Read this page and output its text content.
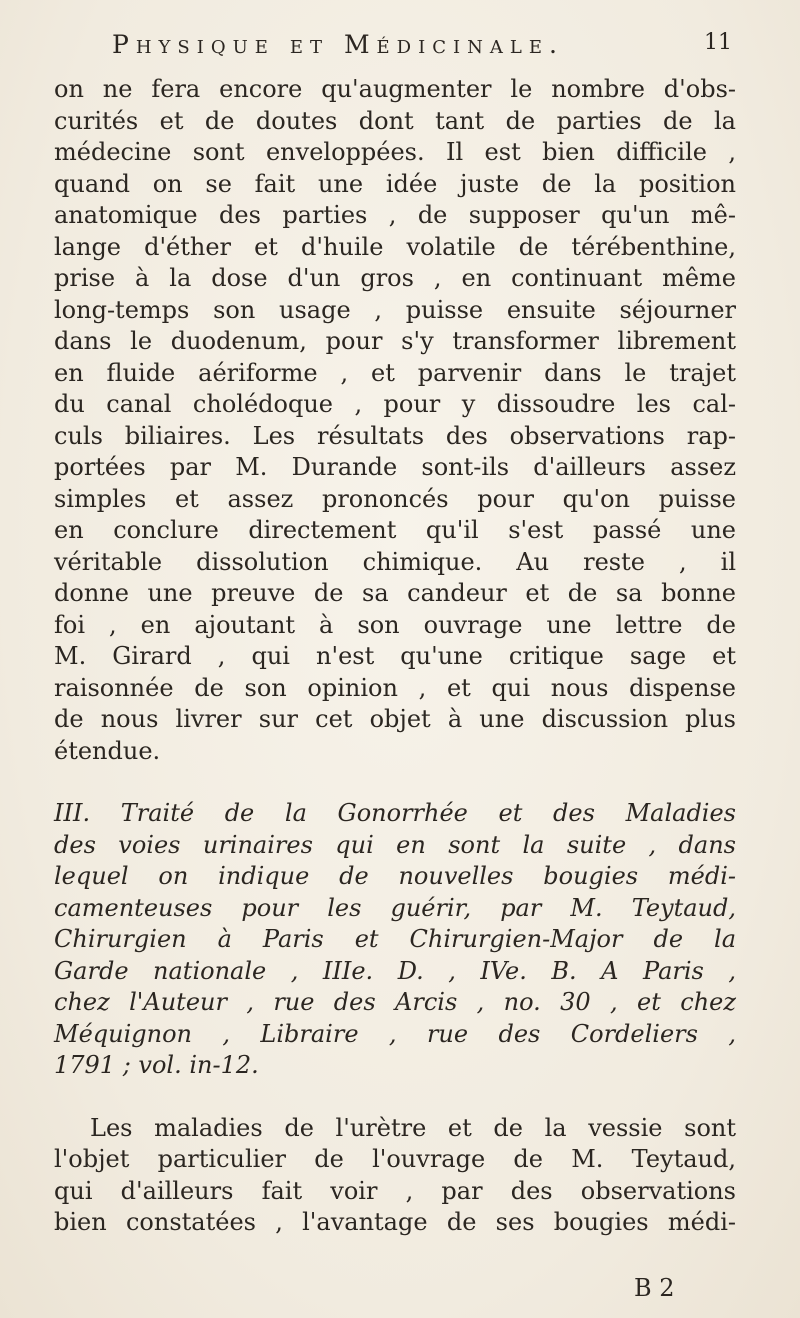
Physique et Médicinale.	11
on ne fera encore qu'augmenter le nombre d'obs-
curités et de doutes dont tant de parties de la
médecine sont enveloppées. Il est bien difficile ,
quand on se fait une idée juste de la position
anatomique des parties , de supposer qu'un mê-
lange d'éther et d'huile volatile de térébenthine,
prise à la dose d'un gros , en continuant même
long-temps son usage , puisse ensuite séjourner
dans le duodenum, pour s'y transformer librement
en fluide aériforme , et parvenir dans le trajet
du canal cholédoque , pour y dissoudre les cal-
culs biliaires. Les résultats des observations rap-
portées par M. Durande sont-ils d'ailleurs assez
simples et assez prononcés pour qu'on puisse
en conclure directement qu'il s'est passé une
véritable dissolution chimique. Au reste , il
donne une preuve de sa candeur et de sa bonne
foi , en ajoutant à son ouvrage une lettre de
M. Girard , qui n'est qu'une critique sage et
raisonnée de son opinion , et qui nous dispense
de nous livrer sur cet objet à une discussion plus
étendue.
III. Traité de la Gonorrhée et des Maladies
des voies urinaires qui en sont la suite , dans
lequel on indique de nouvelles bougies médi-
camenteuses pour les guérir, par M. Teytaud,
Chirurgien à Paris et Chirurgien-Major de la
Garde nationale , IIIe. D. , IVe. B. A Paris ,
chez l'Auteur , rue des Arcis , no. 30 , et chez
Méquignon , Libraire , rue des Cordeliers ,
1791 ; vol. in-12.
Les maladies de l'urètre et de la vessie sont
l'objet particulier de l'ouvrage de M. Teytaud,
qui d'ailleurs fait voir , par des observations
bien constatées , l'avantage de ses bougies médi-
B 2
